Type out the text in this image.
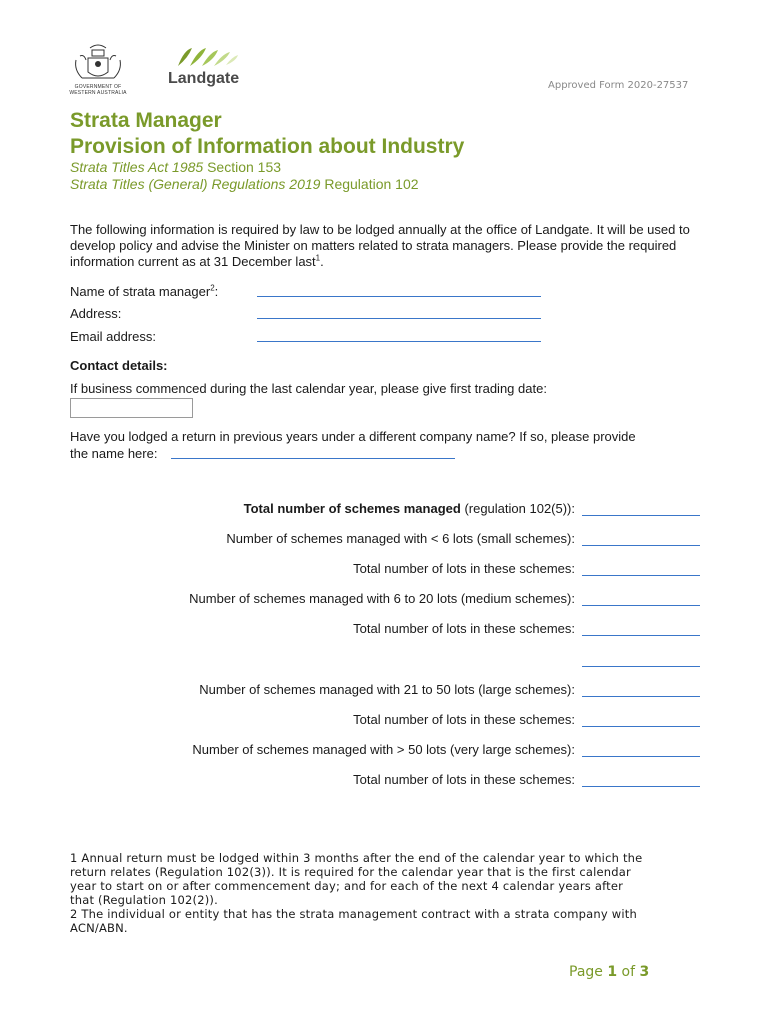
GOVERNMENT OF WESTERN AUSTRALIA
Landgate	Approved Form 2020-27537
Strata Manager
Provision of Information about Industry
Strata Titles Act 1985 Section 153
Strata Titles (General) Regulations 2019 Regulation 102
The following information is required by law to be lodged annually at the office of Landgate. It will be used to develop policy and advise the Minister on matters related to strata managers. Please provide the required information current as at 31 December last$^1$.
Name of strata manager$^2$:
Address:
Email address:
Contact details:
If business commenced during the last calendar year, please give first trading date:
Have you lodged a return in previous years under a different company name? If so, please provide
the name here:
Total number of schemes managed (regulation 102(5)):
Number of schemes managed with < 6 lots (small schemes):
Total number of lots in these schemes:
Number of schemes managed with 6 to 20 lots (medium schemes):
Total number of lots in these schemes:
Number of schemes managed with 21 to 50 lots (large schemes):
Total number of lots in these schemes:
Number of schemes managed with > 50 lots (very large schemes):
Total number of lots in these schemes:
1 Annual return must be lodged within 3 months after the end of the calendar year to which the
return relates (Regulation 102(3)). It is required for the calendar year that is the first calendar
year to start on or after commencement day; and for each of the next 4 calendar years after
that (Regulation 102(2)).
2 The individual or entity that has the strata management contract with a strata company with
ACN/ABN.
Page 1 of 3
